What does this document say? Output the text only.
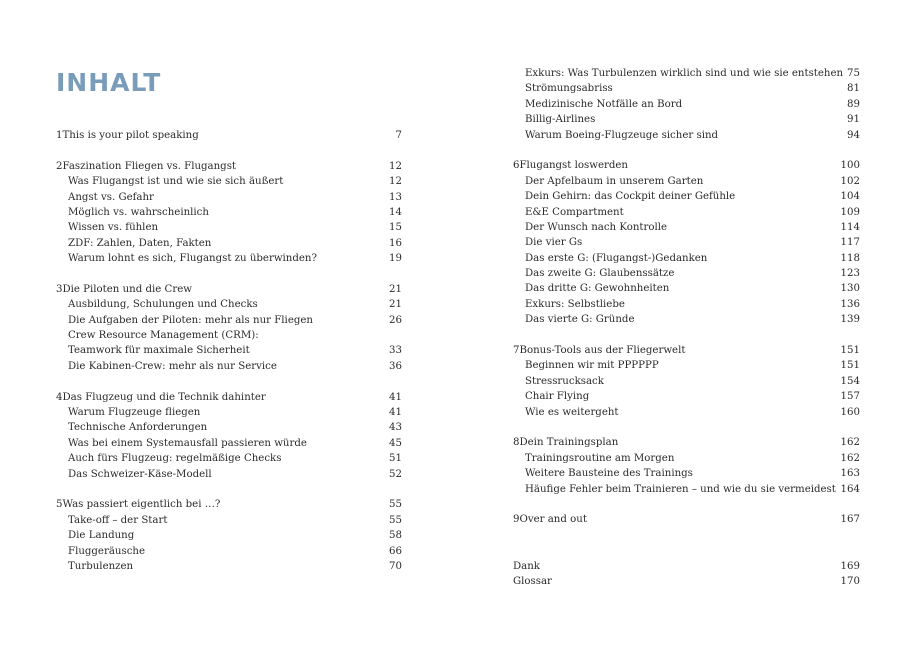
INHALT
1This is your pilot speaking	7
2Faszination Fliegen vs. Flugangst	12
Was Flugangst ist und wie sie sich äußert	12
Angst vs. Gefahr	13
Möglich vs. wahrscheinlich	14
Wissen vs. fühlen	15
ZDF: Zahlen, Daten, Fakten	16
Warum lohnt es sich, Flugangst zu überwinden?	19
3Die Piloten und die Crew	21
Ausbildung, Schulungen und Checks	21
Die Aufgaben der Piloten: mehr als nur Fliegen	26
Crew Resource Management (CRM):
Teamwork für maximale Sicherheit	33
Die Kabinen-Crew: mehr als nur Service	36
4Das Flugzeug und die Technik dahinter	41
Warum Flugzeuge fliegen	41
Technische Anforderungen	43
Was bei einem Systemausfall passieren würde	45
Auch fürs Flugzeug: regelmäßige Checks	51
Das Schweizer-Käse-Modell	52
5Was passiert eigentlich bei …?	55
Take-off – der Start	55
Die Landung	58
Fluggeräusche	66
Turbulenzen	70
Exkurs: Was Turbulenzen wirklich sind und wie sie entstehen 75
Strömungsabriss	81
Medizinische Notfälle an Bord	89
Billig-Airlines	91
Warum Boeing-Flugzeuge sicher sind	94
6Flugangst loswerden	100
Der Apfelbaum in unserem Garten	102
Dein Gehirn: das Cockpit deiner Gefühle	104
E&E Compartment	109
Der Wunsch nach Kontrolle	114
Die vier Gs	117
Das erste G: (Flugangst-)Gedanken	118
Das zweite G: Glaubenssätze	123
Das dritte G: Gewohnheiten	130
Exkurs: Selbstliebe	136
Das vierte G: Gründe	139
7Bonus-Tools aus der Fliegerwelt	151
Beginnen wir mit PPPPPP	151
Stressrucksack	154
Chair Flying	157
Wie es weitergeht	160
8Dein Trainingsplan	162
Trainingsroutine am Morgen	162
Weitere Bausteine des Trainings	163
Häufige Fehler beim Trainieren – und wie du sie vermeidest 164
9Over and out	167
Dank	169
Glossar	170
